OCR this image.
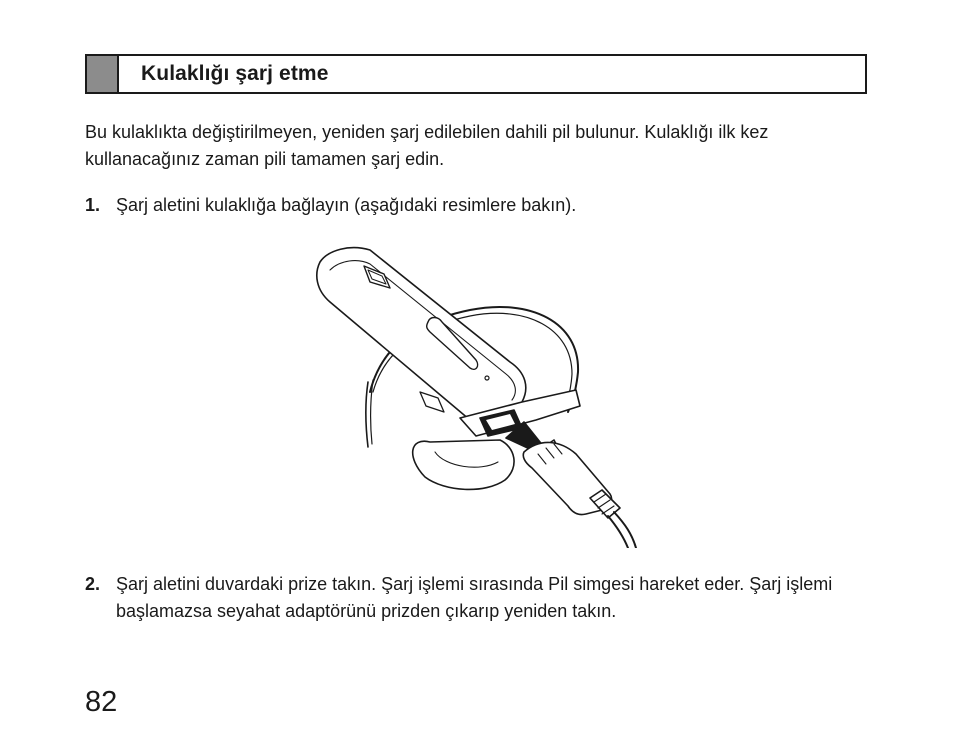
Kulaklığı şarj etme
Bu kulaklıkta değiştirilmeyen, yeniden şarj edilebilen dahili pil bulunur. Kulaklığı ilk kez kullanacağınız zaman pili tamamen şarj edin.
1. Şarj aletini kulaklığa bağlayın (aşağıdaki resimlere bakın).
2. Şarj aletini duvardaki prize takın. Şarj işlemi sırasında Pil simgesi hareket eder. Şarj işlemi başlamazsa seyahat adaptörünü prizden çıkarıp yeniden takın.
82
